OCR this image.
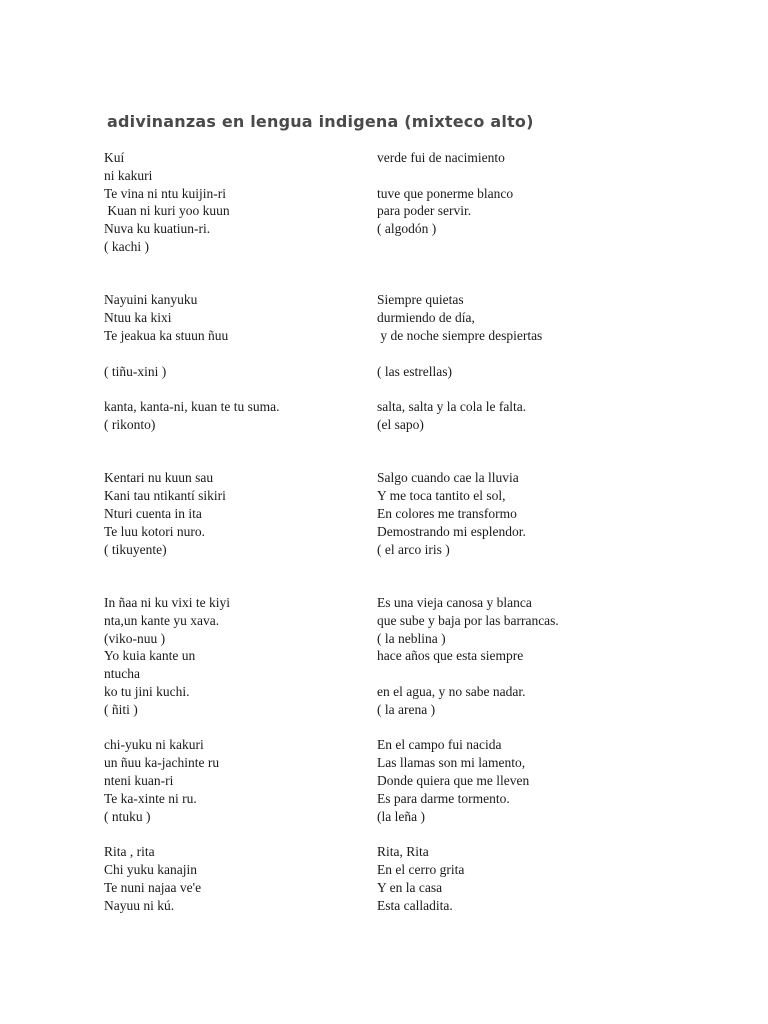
adivinanzas en lengua indigena (mixteco alto)
Kuí
ni kakuri
Te vina ni ntu kuijin-ri
Kuan ni kuri yoo kuun
Nuva ku kuatiun-ri.
( kachi )
Nayuini kanyuku
Ntuu ka kixi
Te jeakua ka stuun ñuu
( tiñu-xini )
kanta, kanta-ni, kuan te tu suma.
( rikonto)
Kentari nu kuun sau
Kani tau ntikantí sikiri
Nturi cuenta in ita
Te luu kotori nuro.
( tikuyente)
In ñaa ni ku vixi te kiyi
nta,un kante yu xava.
(viko-nuu )
Yo kuia kante un
ntucha
ko tu jini kuchi.
( ñiti )
chi-yuku ni kakuri
un ñuu ka-jachinte ru
nteni kuan-ri
Te ka-xinte ni ru.
( ntuku )
Rita , rita
Chi yuku kanajin
Te nuni najaa ve'e
Nayuu ni kú.
verde fui de nacimiento
tuve que ponerme blanco
para poder servir.
( algodón )
Siempre quietas
durmiendo de día,
y de noche siempre despiertas
( las estrellas)
salta, salta y la cola le falta.
(el sapo)
Salgo cuando cae la lluvia
Y me toca tantito el sol,
En colores me transformo
Demostrando mi esplendor.
( el arco iris )
Es una vieja canosa y blanca
que sube y baja por las barrancas.
( la neblina )
hace años que esta siempre
en el agua, y no sabe nadar.
( la arena )
En el campo fui nacida
Las llamas son mi lamento,
Donde quiera que me lleven
Es para darme tormento.
(la leña )
Rita, Rita
En el cerro grita
Y en la casa
Esta calladita.
